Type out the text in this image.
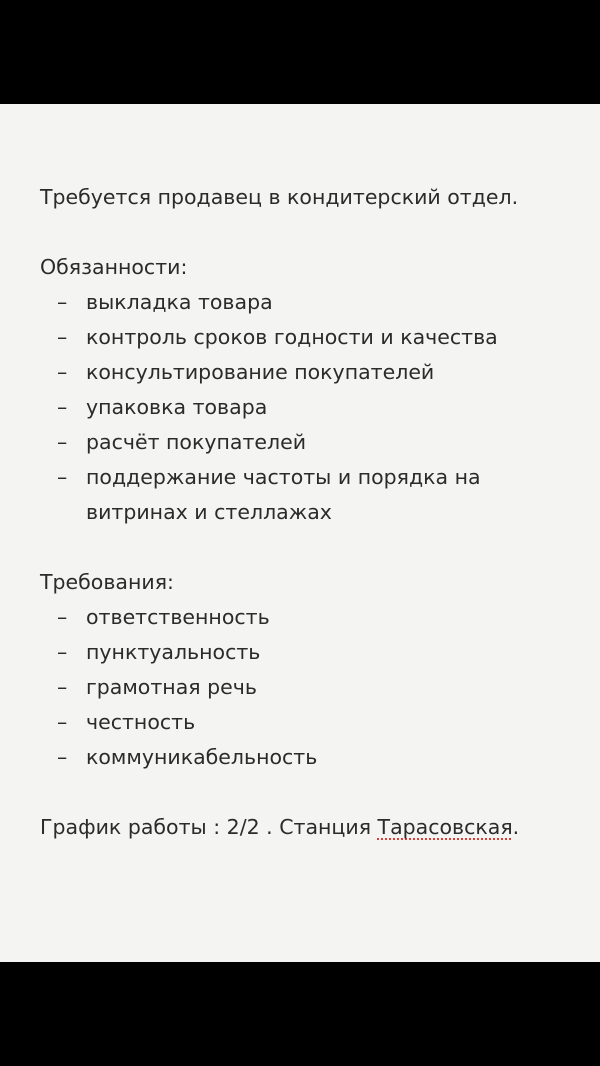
Требуется продавец в кондитерский отдел.
Обязанности:
– выкладка товара
– контроль сроков годности и качества
– консультирование покупателей
– упаковка товара
– расчёт покупателей
– поддержание частоты и порядка на
витринах и стеллажах
Требования:
– ответственность
– пунктуальность
– грамотная речь
– честность
– коммуникабельность
График работы : 2/2 . Станция Тарасовская.
